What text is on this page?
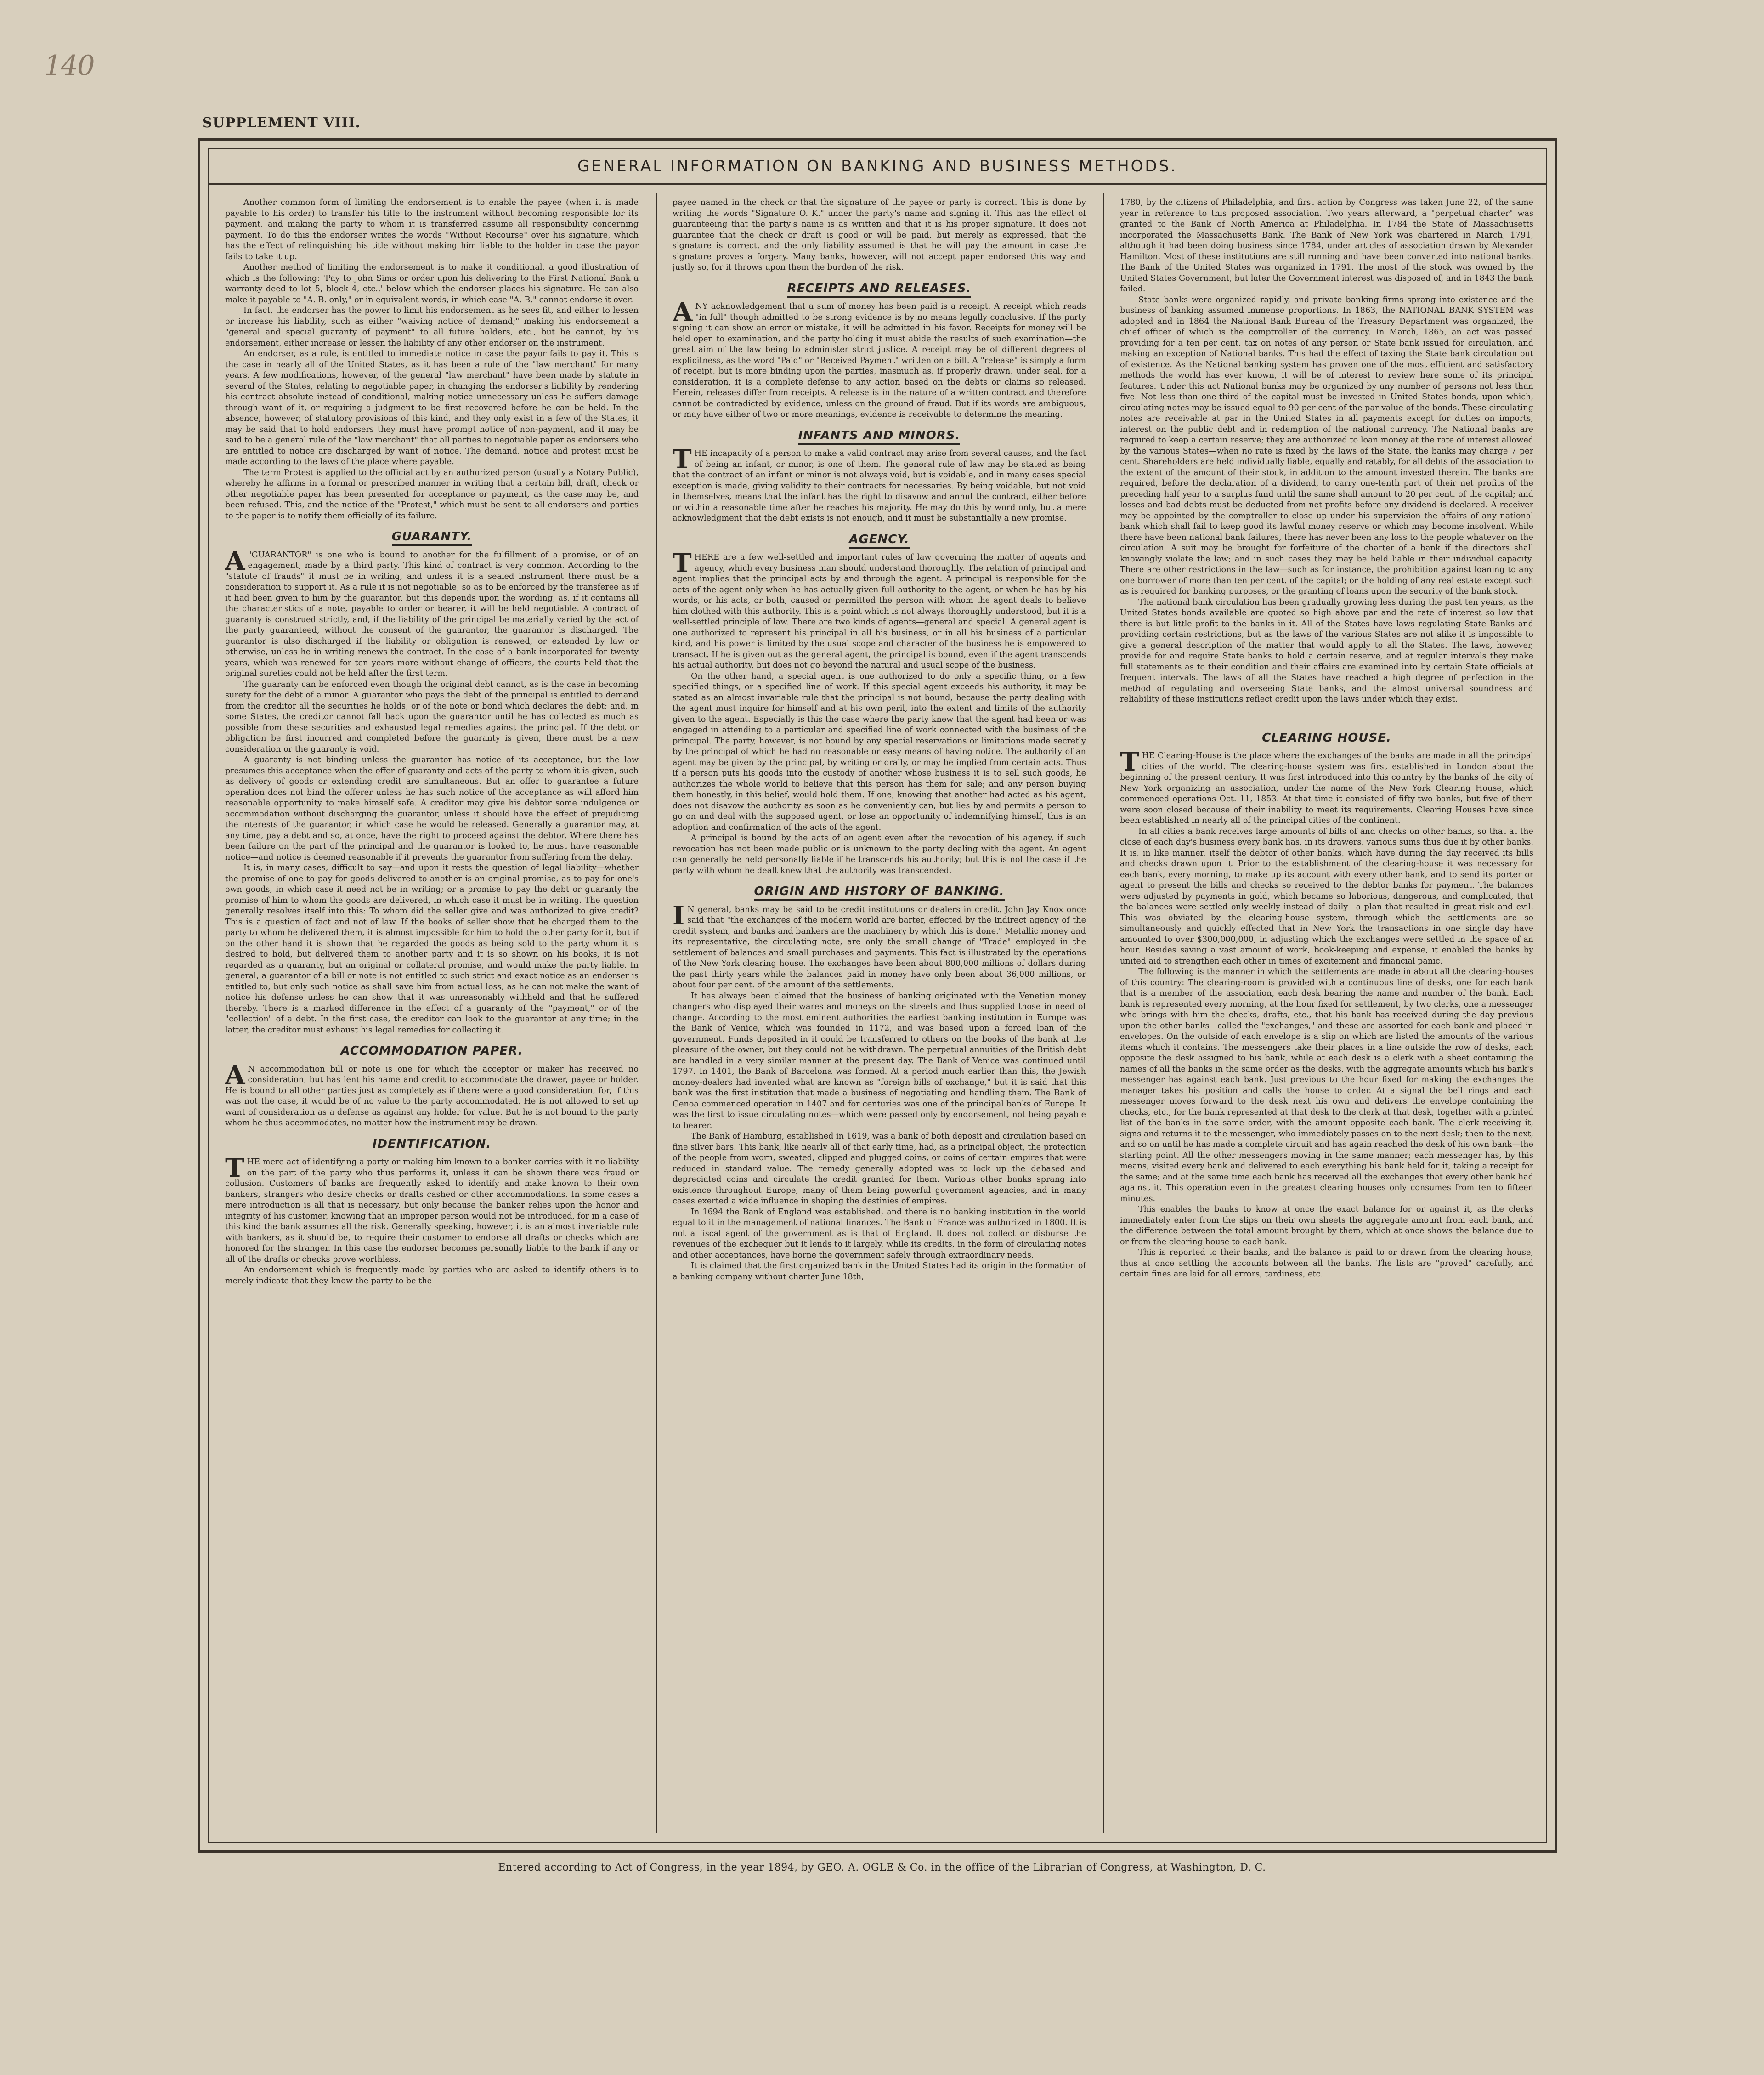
140
SUPPLEMENT VIII.
GENERAL INFORMATION ON BANKING AND BUSINESS METHODS.

Another common form of limiting the endorsement is to enable the payee (when it is made payable to his order) to transfer his title to the instrument without becoming responsible for its payment, and making the party to whom it is transferred assume all responsibility concerning payment. To do this the endorser writes the words "Without Recourse" over his signature, which has the effect of relinquishing his title without making him liable to the holder in case the payor fails to take it up.

Another method of limiting the endorsement is to make it conditional, a good illustration of which is the following: 'Pay to John Sims or order upon his delivering to the First National Bank a warranty deed to lot 5, block 4, etc.,' below which the endorser places his signature. He can also make it payable to "A. B. only," or in equivalent words, in which case "A. B." cannot endorse it over.

In fact, the endorser has the power to limit his endorsement as he sees fit, and either to lessen or increase his liability, such as either "waiving notice of demand;" making his endorsement a "general and special guaranty of payment" to all future holders, etc., but he cannot, by his endorsement, either increase or lessen the liability of any other endorser on the instrument.

An endorser, as a rule, is entitled to immediate notice in case the payor fails to pay it. This is the case in nearly all of the United States, as it has been a rule of the "law merchant" for many years. A few modifications, however, of the general "law merchant" have been made by statute in several of the States, relating to negotiable paper, in changing the endorser's liability by rendering his contract absolute instead of conditional, making notice unnecessary unless he suffers damage through want of it, or requiring a judgment to be first recovered before he can be held. In the absence, however, of statutory provisions of this kind, and they only exist in a few of the States, it may be said that to hold endorsers they must have prompt notice of non-payment, and it may be said to be a general rule of the "law merchant" that all parties to negotiable paper as endorsers who are entitled to notice are discharged by want of notice. The demand, notice and protest must be made according to the laws of the place where payable.

The term Protest is applied to the official act by an authorized person (usually a Notary Public), whereby he affirms in a formal or prescribed manner in writing that a certain bill, draft, check or other negotiable paper has been presented for acceptance or payment, as the case may be, and been refused. This, and the notice of the "Protest," which must be sent to all endorsers and parties to the paper is to notify them officially of its failure.

GUARANTY.

A "GUARANTOR" is one who is bound to another for the fulfillment of a promise, or of an engagement, made by a third party. This kind of contract is very common. According to the "statute of frauds" it must be in writing, and unless it is a sealed instrument there must be a consideration to support it. As a rule it is not negotiable, so as to be enforced by the transferee as if it had been given to him by the guarantor, but this depends upon the wording, as, if it contains all the characteristics of a note, payable to order or bearer, it will be held negotiable. A contract of guaranty is construed strictly, and, if the liability of the principal be materially varied by the act of the party guaranteed, without the consent of the guarantor, the guarantor is discharged. The guarantor is also discharged if the liability or obligation is renewed, or extended by law or otherwise, unless he in writing renews the contract. In the case of a bank incorporated for twenty years, which was renewed for ten years more without change of officers, the courts held that the original sureties could not be held after the first term.

The guaranty can be enforced even though the original debt cannot, as is the case in becoming surety for the debt of a minor. A guarantor who pays the debt of the principal is entitled to demand from the creditor all the securities he holds, or of the note or bond which declares the debt; and, in some States, the creditor cannot fall back upon the guarantor until he has collected as much as possible from these securities and exhausted legal remedies against the principal. If the debt or obligation be first incurred and completed before the guaranty is given, there must be a new consideration or the guaranty is void.

A guaranty is not binding unless the guarantor has notice of its acceptance, but the law presumes this acceptance when the offer of guaranty and acts of the party to whom it is given, such as delivery of goods or extending credit are simultaneous. But an offer to guarantee a future operation does not bind the offerer unless he has such notice of the acceptance as will afford him reasonable opportunity to make himself safe. A creditor may give his debtor some indulgence or accommodation without discharging the guarantor, unless it should have the effect of prejudicing the interests of the guarantor, in which case he would be released. Generally a guarantor may, at any time, pay a debt and so, at once, have the right to proceed against the debtor. Where there has been failure on the part of the principal and the guarantor is looked to, he must have reasonable notice—and notice is deemed reasonable if it prevents the guarantor from suffering from the delay.

It is, in many cases, difficult to say—and upon it rests the question of legal liability—whether the promise of one to pay for goods delivered to another is an original promise, as to pay for one's own goods, in which case it need not be in writing; or a promise to pay the debt or guaranty the promise of him to whom the goods are delivered, in which case it must be in writing. The question generally resolves itself into this: To whom did the seller give and was authorized to give credit? This is a question of fact and not of law. If the books of seller show that he charged them to the party to whom he delivered them, it is almost impossible for him to hold the other party for it, but if on the other hand it is shown that he regarded the goods as being sold to the party whom it is desired to hold, but delivered them to another party and it is so shown on his books, it is not regarded as a guaranty, but an original or collateral promise, and would make the party liable. In general, a guarantor of a bill or note is not entitled to such strict and exact notice as an endorser is entitled to, but only such notice as shall save him from actual loss, as he can not make the want of notice his defense unless he can show that it was unreasonably withheld and that he suffered thereby. There is a marked difference in the effect of a guaranty of the "payment," or of the "collection" of a debt. In the first case, the creditor can look to the guarantor at any time; in the latter, the creditor must exhaust his legal remedies for collecting it.

ACCOMMODATION PAPER.

A N accommodation bill or note is one for which the acceptor or maker has received no consideration, but has lent his name and credit to accommodate the drawer, payee or holder. He is bound to all other parties just as completely as if there were a good consideration, for, if this was not the case, it would be of no value to the party accommodated. He is not allowed to set up want of consideration as a defense as against any holder for value. But he is not bound to the party whom he thus accommodates, no matter how the instrument may be drawn.

IDENTIFICATION.

THE mere act of identifying a party or making him known to a banker carries with it no liability on the part of the party who thus performs it, unless it can be shown there was fraud or collusion. Customers of banks are frequently asked to identify and make known to their own bankers, strangers who desire checks or drafts cashed or other accommodations. In some cases a mere introduction is all that is necessary, but only because the banker relies upon the honor and integrity of his customer, knowing that an improper person would not be introduced, for in a case of this kind the bank assumes all the risk. Generally speaking, however, it is an almost invariable rule with bankers, as it should be, to require their customer to endorse all drafts or checks which are honored for the stranger. In this case the endorser becomes personally liable to the bank if any or all of the drafts or checks prove worthless.

An endorsement which is frequently made by parties who are asked to identify others is to merely indicate that they know the party to be the

payee named in the check or that the signature of the payee or party is correct. This is done by writing the words "Signature O. K." under the party's name and signing it. This has the effect of guaranteeing that the party's name is as written and that it is his proper signature. It does not guarantee that the check or draft is good or will be paid, but merely as expressed, that the signature is correct, and the only liability assumed is that he will pay the amount in case the signature proves a forgery. Many banks, however, will not accept paper endorsed this way and justly so, for it throws upon them the burden of the risk.

RECEIPTS AND RELEASES.

ANY acknowledgement that a sum of money has been paid is a receipt. A receipt which reads "in full" though admitted to be strong evidence is by no means legally conclusive. If the party signing it can show an error or mistake, it will be admitted in his favor. Receipts for money will be held open to examination, and the party holding it must abide the results of such examination—the great aim of the law being to administer strict justice. A receipt may be of different degrees of explicitness, as the word "Paid" or "Received Payment" written on a bill. A "release" is simply a form of receipt, but is more binding upon the parties, inasmuch as, if properly drawn, under seal, for a consideration, it is a complete defense to any action based on the debts or claims so released. Herein, releases differ from receipts. A release is in the nature of a written contract and therefore cannot be contradicted by evidence, unless on the ground of fraud. But if its words are ambiguous, or may have either of two or more meanings, evidence is receivable to determine the meaning.

INFANTS AND MINORS.

THE incapacity of a person to make a valid contract may arise from several causes, and the fact of being an infant, or minor, is one of them. The general rule of law may be stated as being that the contract of an infant or minor is not always void, but is voidable, and in many cases special exception is made, giving validity to their contracts for necessaries. By being voidable, but not void in themselves, means that the infant has the right to disavow and annul the contract, either before or within a reasonable time after he reaches his majority. He may do this by word only, but a mere acknowledgment that the debt exists is not enough, and it must be substantially a new promise.

AGENCY.

THERE are a few well-settled and important rules of law governing the matter of agents and agency, which every business man should understand thoroughly. The relation of principal and agent implies that the principal acts by and through the agent. A principal is responsible for the acts of the agent only when he has actually given full authority to the agent, or when he has by his words, or his acts, or both, caused or permitted the person with whom the agent deals to believe him clothed with this authority. This is a point which is not always thoroughly understood, but it is a well-settled principle of law. There are two kinds of agents—general and special. A general agent is one authorized to represent his principal in all his business, or in all his business of a particular kind, and his power is limited by the usual scope and character of the business he is empowered to transact. If he is given out as the general agent, the principal is bound, even if the agent transcends his actual authority, but does not go beyond the natural and usual scope of the business.

On the other hand, a special agent is one authorized to do only a specific thing, or a few specified things, or a specified line of work. If this special agent exceeds his authority, it may be stated as an almost invariable rule that the principal is not bound, because the party dealing with the agent must inquire for himself and at his own peril, into the extent and limits of the authority given to the agent. Especially is this the case where the party knew that the agent had been or was engaged in attending to a particular and specified line of work connected with the business of the principal. The party, however, is not bound by any special reservations or limitations made secretly by the principal of which he had no reasonable or easy means of having notice. The authority of an agent may be given by the principal, by writing or orally, or may be implied from certain acts. Thus if a person puts his goods into the custody of another whose business it is to sell such goods, he authorizes the whole world to believe that this person has them for sale; and any person buying them honestly, in this belief, would hold them. If one, knowing that another had acted as his agent, does not disavow the authority as soon as he conveniently can, but lies by and permits a person to go on and deal with the supposed agent, or lose an opportunity of indemnifying himself, this is an adoption and confirmation of the acts of the agent.

A principal is bound by the acts of an agent even after the revocation of his agency, if such revocation has not been made public or is unknown to the party dealing with the agent. An agent can generally be held personally liable if he transcends his authority; but this is not the case if the party with whom he dealt knew that the authority was transcended.

ORIGIN AND HISTORY OF BANKING.

I N general, banks may be said to be credit institutions or dealers in credit. John Jay Knox once said that "the exchanges of the modern world are barter, effected by the indirect agency of the credit system, and banks and bankers are the machinery by which this is done." Metallic money and its representative, the circulating note, are only the small change of "Trade" employed in the settlement of balances and small purchases and payments. This fact is illustrated by the operations of the New York clearing house. The exchanges have been about 800,000 millions of dollars during the past thirty years while the balances paid in money have only been about 36,000 millions, or about four per cent. of the amount of the settlements.

It has always been claimed that the business of banking originated with the Venetian money changers who displayed their wares and moneys on the streets and thus supplied those in need of change. According to the most eminent authorities the earliest banking institution in Europe was the Bank of Venice, which was founded in 1172, and was based upon a forced loan of the government. Funds deposited in it could be transferred to others on the books of the bank at the pleasure of the owner, but they could not be withdrawn. The perpetual annuities of the British debt are handled in a very similar manner at the present day. The Bank of Venice was continued until 1797. In 1401, the Bank of Barcelona was formed. At a period much earlier than this, the Jewish money-dealers had invented what are known as "foreign bills of exchange," but it is said that this bank was the first institution that made a business of negotiating and handling them. The Bank of Genoa commenced operation in 1407 and for centuries was one of the principal banks of Europe. It was the first to issue circulating notes—which were passed only by endorsement, not being payable to bearer.

The Bank of Hamburg, established in 1619, was a bank of both deposit and circulation based on fine silver bars. This bank, like nearly all of that early time, had, as a principal object, the protection of the people from worn, sweated, clipped and plugged coins, or coins of certain empires that were reduced in standard value. The remedy generally adopted was to lock up the debased and depreciated coins and circulate the credit granted for them. Various other banks sprang into existence throughout Europe, many of them being powerful government agencies, and in many cases exerted a wide influence in shaping the destinies of empires.

In 1694 the Bank of England was established, and there is no banking institution in the world equal to it in the management of national finances. The Bank of France was authorized in 1800. It is not a fiscal agent of the government as is that of England. It does not collect or disburse the revenues of the exchequer but it lends to it largely, while its credits, in the form of circulating notes and other acceptances, have borne the government safely through extraordinary needs.

It is claimed that the first organized bank in the United States had its origin in the formation of a banking company without charter June 18th,

1780, by the citizens of Philadelphia, and first action by Congress was taken June 22, of the same year in reference to this proposed association. Two years afterward, a "perpetual charter" was granted to the Bank of North America at Philadelphia. In 1784 the State of Massachusetts incorporated the Massachusetts Bank. The Bank of New York was chartered in March, 1791, although it had been doing business since 1784, under articles of association drawn by Alexander Hamilton. Most of these institutions are still running and have been converted into national banks. The Bank of the United States was organized in 1791. The most of the stock was owned by the United States Government, but later the Government interest was disposed of, and in 1843 the bank failed.

State banks were organized rapidly, and private banking firms sprang into existence and the business of banking assumed immense proportions. In 1863, the NATIONAL BANK SYSTEM was adopted and in 1864 the National Bank Bureau of the Treasury Department was organized, the chief officer of which is the comptroller of the currency. In March, 1865, an act was passed providing for a ten per cent. tax on notes of any person or State bank issued for circulation, and making an exception of National banks. This had the effect of taxing the State bank circulation out of existence. As the National banking system has proven one of the most efficient and satisfactory methods the world has ever known, it will be of interest to review here some of its principal features. Under this act National banks may be organized by any number of persons not less than five. Not less than one-third of the capital must be invested in United States bonds, upon which, circulating notes may be issued equal to 90 per cent of the par value of the bonds. These circulating notes are receivable at par in the United States in all payments except for duties on imports, interest on the public debt and in redemption of the national currency. The National banks are required to keep a certain reserve; they are authorized to loan money at the rate of interest allowed by the various States—when no rate is fixed by the laws of the State, the banks may charge 7 per cent. Shareholders are held individually liable, equally and ratably, for all debts of the association to the extent of the amount of their stock, in addition to the amount invested therein. The banks are required, before the declaration of a dividend, to carry one-tenth part of their net profits of the preceding half year to a surplus fund until the same shall amount to 20 per cent. of the capital; and losses and bad debts must be deducted from net profits before any dividend is declared. A receiver may be appointed by the comptroller to close up under his supervision the affairs of any national bank which shall fail to keep good its lawful money reserve or which may become insolvent. While there have been national bank failures, there has never been any loss to the people whatever on the circulation. A suit may be brought for forfeiture of the charter of a bank if the directors shall knowingly violate the law; and in such cases they may be held liable in their individual capacity. There are other restrictions in the law—such as for instance, the prohibition against loaning to any one borrower of more than ten per cent. of the capital; or the holding of any real estate except such as is required for banking purposes, or the granting of loans upon the security of the bank stock.

The national bank circulation has been gradually growing less during the past ten years, as the United States bonds available are quoted so high above par and the rate of interest so low that there is but little profit to the banks in it. All of the States have laws regulating State Banks and providing certain restrictions, but as the laws of the various States are not alike it is impossible to give a general description of the matter that would apply to all the States. The laws, however, provide for and require State banks to hold a certain reserve, and at regular intervals they make full statements as to their condition and their affairs are examined into by certain State officials at frequent intervals. The laws of all the States have reached a high degree of perfection in the method of regulating and overseeing State banks, and the almost universal soundness and reliability of these institutions reflect credit upon the laws under which they exist.

CLEARING HOUSE.

THE Clearing-House is the place where the exchanges of the banks are made in all the principal cities of the world. The clearing-house system was first established in London about the beginning of the present century. It was first introduced into this country by the banks of the city of New York organizing an association, under the name of the New York Clearing House, which commenced operations Oct. 11, 1853. At that time it consisted of fifty-two banks, but five of them were soon closed because of their inability to meet its requirements. Clearing Houses have since been established in nearly all of the principal cities of the continent.

In all cities a bank receives large amounts of bills of and checks on other banks, so that at the close of each day's business every bank has, in its drawers, various sums thus due it by other banks. It is, in like manner, itself the debtor of other banks, which have during the day received its bills and checks drawn upon it. Prior to the establishment of the clearing-house it was necessary for each bank, every morning, to make up its account with every other bank, and to send its porter or agent to present the bills and checks so received to the debtor banks for payment. The balances were adjusted by payments in gold, which became so laborious, dangerous, and complicated, that the balances were settled only weekly instead of daily—a plan that resulted in great risk and evil. This was obviated by the clearing-house system, through which the settlements are so simultaneously and quickly effected that in New York the transactions in one single day have amounted to over $300,000,000, in adjusting which the exchanges were settled in the space of an hour. Besides saving a vast amount of work, book-keeping and expense, it enabled the banks by united aid to strengthen each other in times of excitement and financial panic.

The following is the manner in which the settlements are made in about all the clearing-houses of this country: The clearing-room is provided with a continuous line of desks, one for each bank that is a member of the association, each desk bearing the name and number of the bank. Each bank is represented every morning, at the hour fixed for settlement, by two clerks, one a messenger who brings with him the checks, drafts, etc., that his bank has received during the day previous upon the other banks—called the "exchanges," and these are assorted for each bank and placed in envelopes. On the outside of each envelope is a slip on which are listed the amounts of the various items which it contains. The messengers take their places in a line outside the row of desks, each opposite the desk assigned to his bank, while at each desk is a clerk with a sheet containing the names of all the banks in the same order as the desks, with the aggregate amounts which his bank's messenger has against each bank. Just previous to the hour fixed for making the exchanges the manager takes his position and calls the house to order. At a signal the bell rings and each messenger moves forward to the desk next his own and delivers the envelope containing the checks, etc., for the bank represented at that desk to the clerk at that desk, together with a printed list of the banks in the same order, with the amount opposite each bank. The clerk receiving it, signs and returns it to the messenger, who immediately passes on to the next desk; then to the next, and so on until he has made a complete circuit and has again reached the desk of his own bank—the starting point. All the other messengers moving in the same manner; each messenger has, by this means, visited every bank and delivered to each everything his bank held for it, taking a receipt for the same; and at the same time each bank has received all the exchanges that every other bank had against it. This operation even in the greatest clearing houses only consumes from ten to fifteen minutes.

This enables the banks to know at once the exact balance for or against it, as the clerks immediately enter from the slips on their own sheets the aggregate amount from each bank, and the difference between the total amount brought by them, which at once shows the balance due to or from the clearing house to each bank.

This is reported to their banks, and the balance is paid to or drawn from the clearing house, thus at once settling the accounts between all the banks. The lists are "proved" carefully, and certain fines are laid for all errors, tardiness, etc.

Entered according to Act of Congress, in the year 1894, by GEO. A. OGLE & Co. in the office of the Librarian of Congress, at Washington, D. C.
